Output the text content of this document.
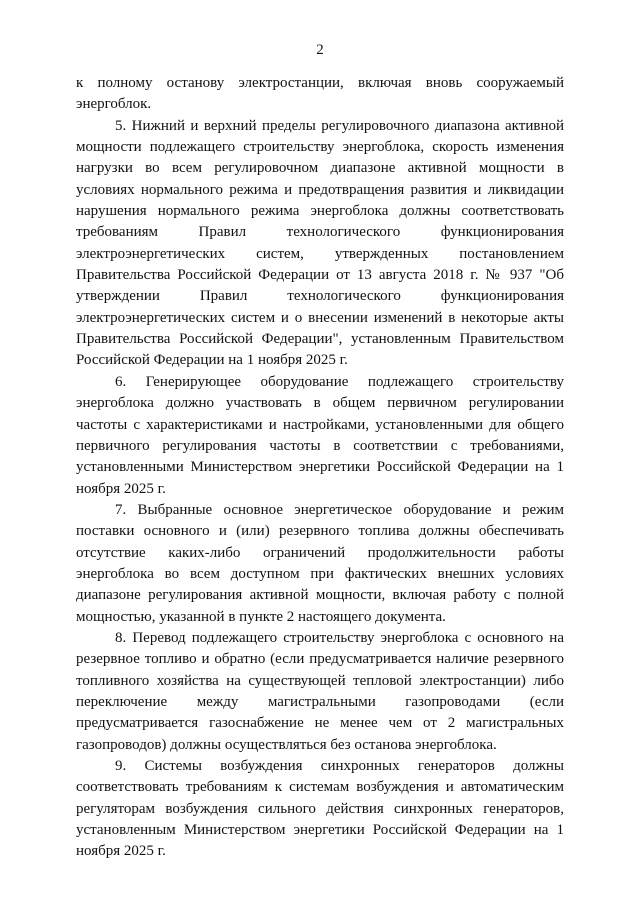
2

к полному останову электростанции, включая вновь сооружаемый энергоблок.

5. Нижний и верхний пределы регулировочного диапазона активной мощности подлежащего строительству энергоблока, скорость изменения нагрузки во всем регулировочном диапазоне активной мощности в условиях нормального режима и предотвращения развития и ликвидации нарушения нормального режима энергоблока должны соответствовать требованиям Правил технологического функционирования электроэнергетических систем, утвержденных постановлением Правительства Российской Федерации от 13 августа 2018 г. № 937 "Об утверждении Правил технологического функционирования электроэнергетических систем и о внесении изменений в некоторые акты Правительства Российской Федерации", установленным Правительством Российской Федерации на 1 ноября 2025 г.

6. Генерирующее оборудование подлежащего строительству энергоблока должно участвовать в общем первичном регулировании частоты с характеристиками и настройками, установленными для общего первичного регулирования частоты в соответствии с требованиями, установленными Министерством энергетики Российской Федерации на 1 ноября 2025 г.

7. Выбранные основное энергетическое оборудование и режим поставки основного и (или) резервного топлива должны обеспечивать отсутствие каких-либо ограничений продолжительности работы энергоблока во всем доступном при фактических внешних условиях диапазоне регулирования активной мощности, включая работу с полной мощностью, указанной в пункте 2 настоящего документа.

8. Перевод подлежащего строительству энергоблока с основного на резервное топливо и обратно (если предусматривается наличие резервного топливного хозяйства на существующей тепловой электростанции) либо переключение между магистральными газопроводами (если предусматривается газоснабжение не менее чем от 2 магистральных газопроводов) должны осуществляться без останова энергоблока.

9. Системы возбуждения синхронных генераторов должны соответствовать требованиям к системам возбуждения и автоматическим регуляторам возбуждения сильного действия синхронных генераторов, установленным Министерством энергетики Российской Федерации на 1 ноября 2025 г.
